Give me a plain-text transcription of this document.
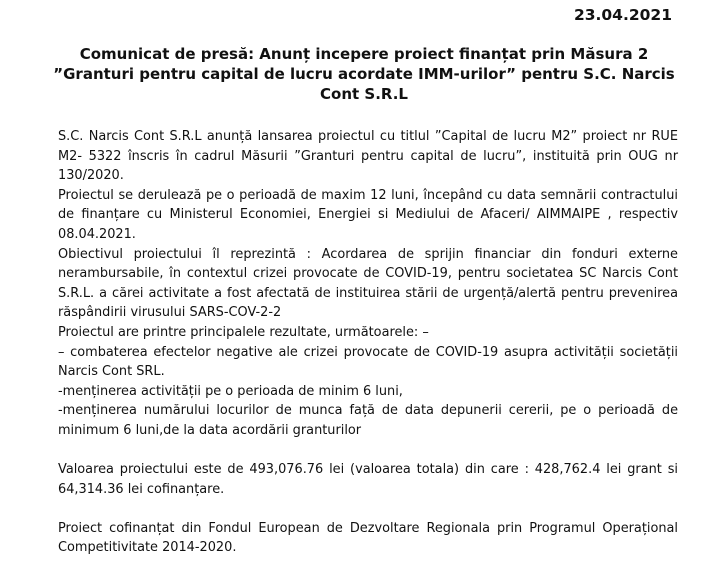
23.04.2021

Comunicat de presă: Anunț incepere proiect finanțat prin Măsura 2 ”Granturi pentru capital de lucru acordate IMM-urilor” pentru S.C. Narcis Cont S.R.L

S.C. Narcis Cont S.R.L anunță lansarea proiectul cu titlul ”Capital de lucru M2” proiect nr RUE M2- 5322 înscris în cadrul Măsurii ”Granturi pentru capital de lucru”, instituită prin OUG nr 130/2020.

Proiectul se derulează pe o perioadă de maxim 12 luni, începând cu data semnării contractului de finanțare cu Ministerul Economiei, Energiei si Mediului de Afaceri/ AIMMAIPE , respectiv 08.04.2021.

Obiectivul proiectului îl reprezintă : Acordarea de sprijin financiar din fonduri externe nerambursabile, în contextul crizei provocate de COVID-19, pentru societatea SC Narcis Cont S.R.L. a cărei activitate a fost afectată de instituirea stării de urgență/alertă pentru prevenirea răspândirii virusului SARS-COV-2-2

Proiectul are printre principalele rezultate, următoarele: –

– combaterea efectelor negative ale crizei provocate de COVID-19 asupra activității societății Narcis Cont SRL.

-menținerea activității pe o perioada de minim 6 luni,

-menținerea numărului locurilor de munca față de data depunerii cererii, pe o perioadă de minimum 6 luni,de la data acordării granturilor

Valoarea proiectului este de 493,076.76 lei (valoarea totala) din care : 428,762.4 lei grant si 64,314.36 lei cofinanțare.

Proiect cofinanțat din Fondul European de Dezvoltare Regionala prin Programul Operațional Competitivitate 2014-2020.
